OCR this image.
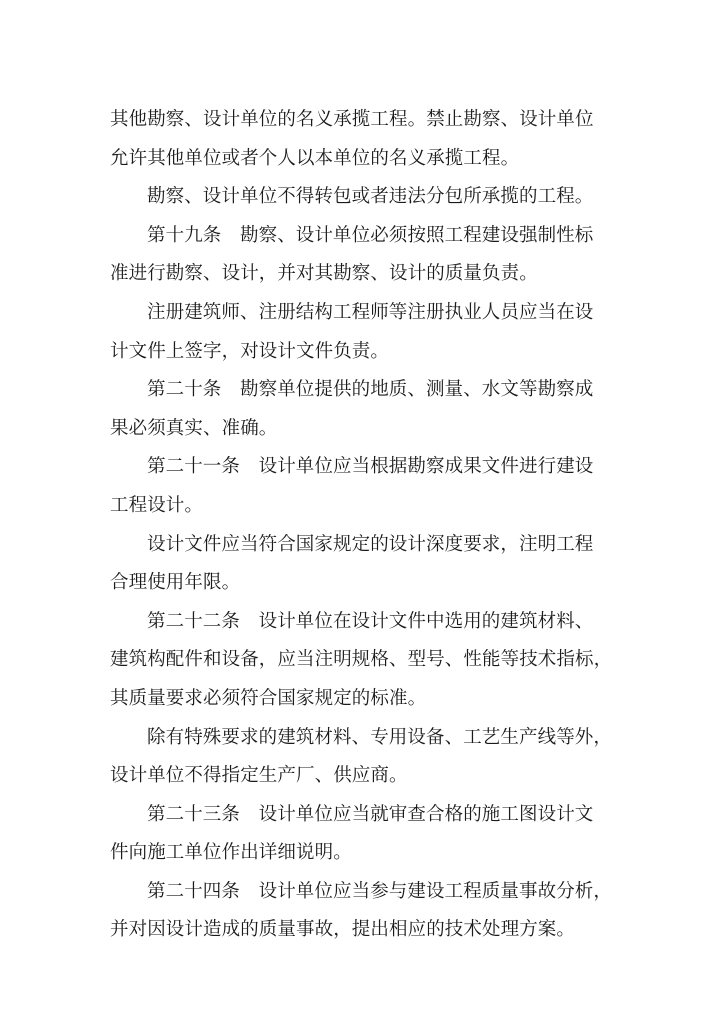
其他勘察、设计单位的名义承揽工程。禁止勘察、设计单位
允许其他单位或者个人以本单位的名义承揽工程。

勘察、设计单位不得转包或者违法分包所承揽的工程。

第十九条　勘察、设计单位必须按照工程建设强制性标
准进行勘察、设计，并对其勘察、设计的质量负责。

注册建筑师、注册结构工程师等注册执业人员应当在设
计文件上签字，对设计文件负责。

第二十条　勘察单位提供的地质、测量、水文等勘察成
果必须真实、准确。

第二十一条　设计单位应当根据勘察成果文件进行建设
工程设计。

设计文件应当符合国家规定的设计深度要求，注明工程
合理使用年限。

第二十二条　设计单位在设计文件中选用的建筑材料、
建筑构配件和设备，应当注明规格、型号、性能等技术指标，
其质量要求必须符合国家规定的标准。

除有特殊要求的建筑材料、专用设备、工艺生产线等外，
设计单位不得指定生产厂、供应商。

第二十三条　设计单位应当就审查合格的施工图设计文
件向施工单位作出详细说明。

第二十四条　设计单位应当参与建设工程质量事故分析，
并对因设计造成的质量事故，提出相应的技术处理方案。
